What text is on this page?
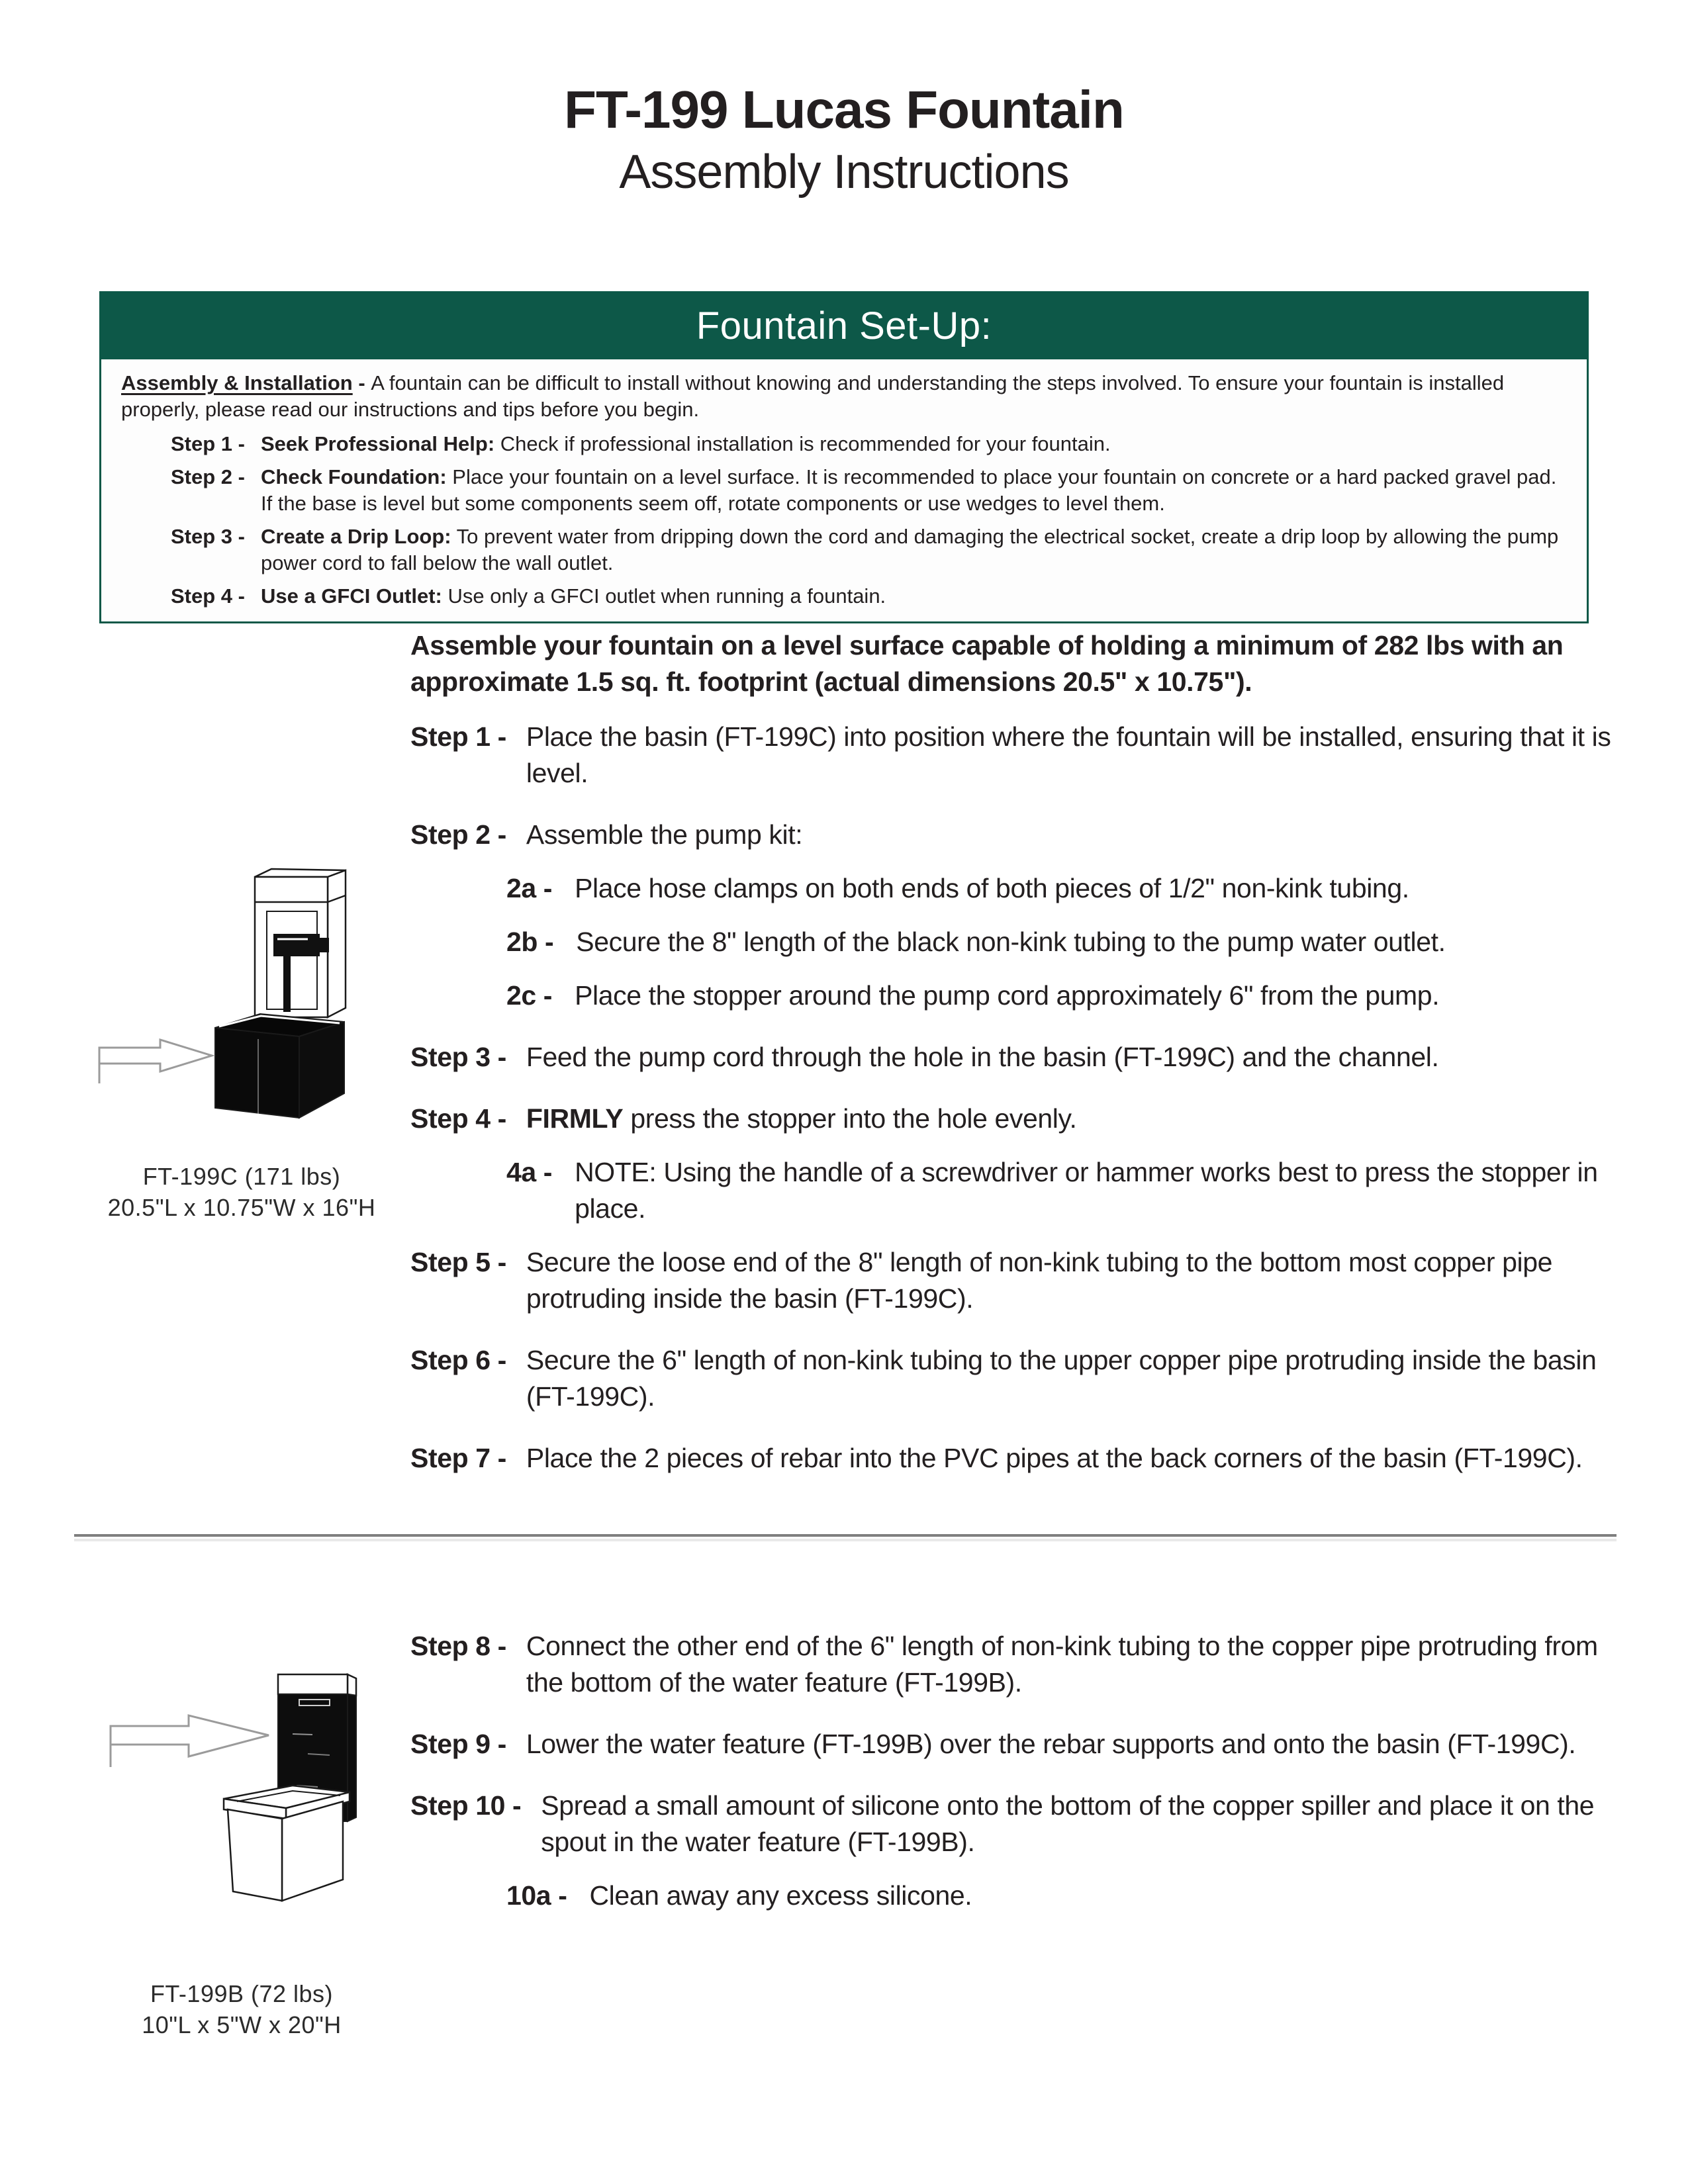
FT-199 Lucas Fountain
Assembly Instructions
Fountain Set-Up:

Assembly & Installation - A fountain can be difficult to install without knowing and understanding the steps involved. To ensure your fountain is installed properly, please read our instructions and tips before you begin.

Step 1 - Seek Professional Help: Check if professional installation is recommended for your fountain.
Step 2 - Check Foundation: Place your fountain on a level surface. It is recommended to place your fountain on concrete or a hard packed gravel pad. If the base is level but some components seem off, rotate components or use wedges to level them.
Step 3 - Create a Drip Loop: To prevent water from dripping down the cord and damaging the electrical socket, create a drip loop by allowing the pump power cord to fall below the wall outlet.
Step 4 - Use a GFCI Outlet: Use only a GFCI outlet when running a fountain.

Assemble your fountain on a level surface capable of holding a minimum of 282 lbs with an approximate 1.5 sq. ft. footprint (actual dimensions 20.5" x 10.75").

Step 1 - Place the basin (FT-199C) into position where the fountain will be installed, ensuring that it is level.
Step 2 - Assemble the pump kit:
2a - Place hose clamps on both ends of both pieces of 1/2" non-kink tubing.
2b - Secure the 8" length of the black non-kink tubing to the pump water outlet.
2c - Place the stopper around the pump cord approximately 6" from the pump.
Step 3 - Feed the pump cord through the hole in the basin (FT-199C) and the channel.
Step 4 - FIRMLY press the stopper into the hole evenly.
4a - NOTE: Using the handle of a screwdriver or hammer works best to press the stopper in place.
Step 5 - Secure the loose end of the 8" length of non-kink tubing to the bottom most copper pipe protruding inside the basin (FT-199C).
Step 6 - Secure the 6" length of non-kink tubing to the upper copper pipe protruding inside the basin (FT-199C).
Step 7 - Place the 2 pieces of rebar into the PVC pipes at the back corners of the basin (FT-199C).
FT-199C (171 lbs)
20.5"L x 10.75"W x 16"H
Step 8 - Connect the other end of the 6" length of non-kink tubing to the copper pipe protruding from the bottom of the water feature (FT-199B).
Step 9 - Lower the water feature (FT-199B) over the rebar supports and onto the basin (FT-199C).
Step 10 - Spread a small amount of silicone onto the bottom of the copper spiller and place it on the spout in the water feature (FT-199B).
10a - Clean away any excess silicone.
FT-199B (72 lbs)
10"L x 5"W x 20"H
